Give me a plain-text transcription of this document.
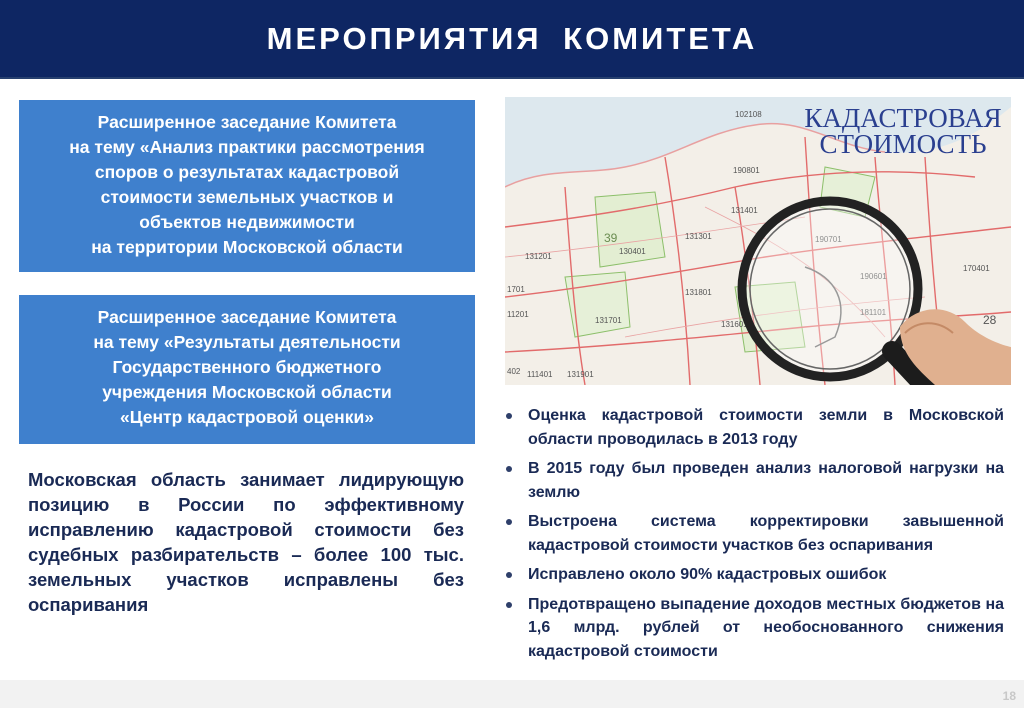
МЕРОПРИЯТИЯ КОМИТЕТА
Расширенное заседание Комитета
на тему «Анализ практики рассмотрения
споров о результатах кадастровой
стоимости земельных участков и
объектов недвижимости
на территории Московской области
Расширенное заседание Комитета
на тему «Результаты деятельности
Государственного бюджетного
учреждения Московской области
«Центр кадастровой оценки»
Московская область занимает лидирующую позицию в России по эффективному исправлению кадастровой стоимости без судебных разбирательств – более 100 тыс. земельных участков исправлены без оспаривания
102108
190801
131401
39
130401
131301
131201
190701
190601
170401
131801
181101
1701
11201
131701	131601	28
402 111401 131901
КАДАСТРОВАЯ
СТОИМОСТЬ
Оценка кадастровой стоимости земли в Московской области проводилась в 2013 году
В 2015 году был проведен анализ налоговой нагрузки на землю
Выстроена система корректировки завышенной кадастровой стоимости участков без оспаривания
Исправлено около 90% кадастровых ошибок
Предотвращено выпадение доходов местных бюджетов на 1,6 млрд. рублей от необоснованного снижения кадастровой стоимости
18
